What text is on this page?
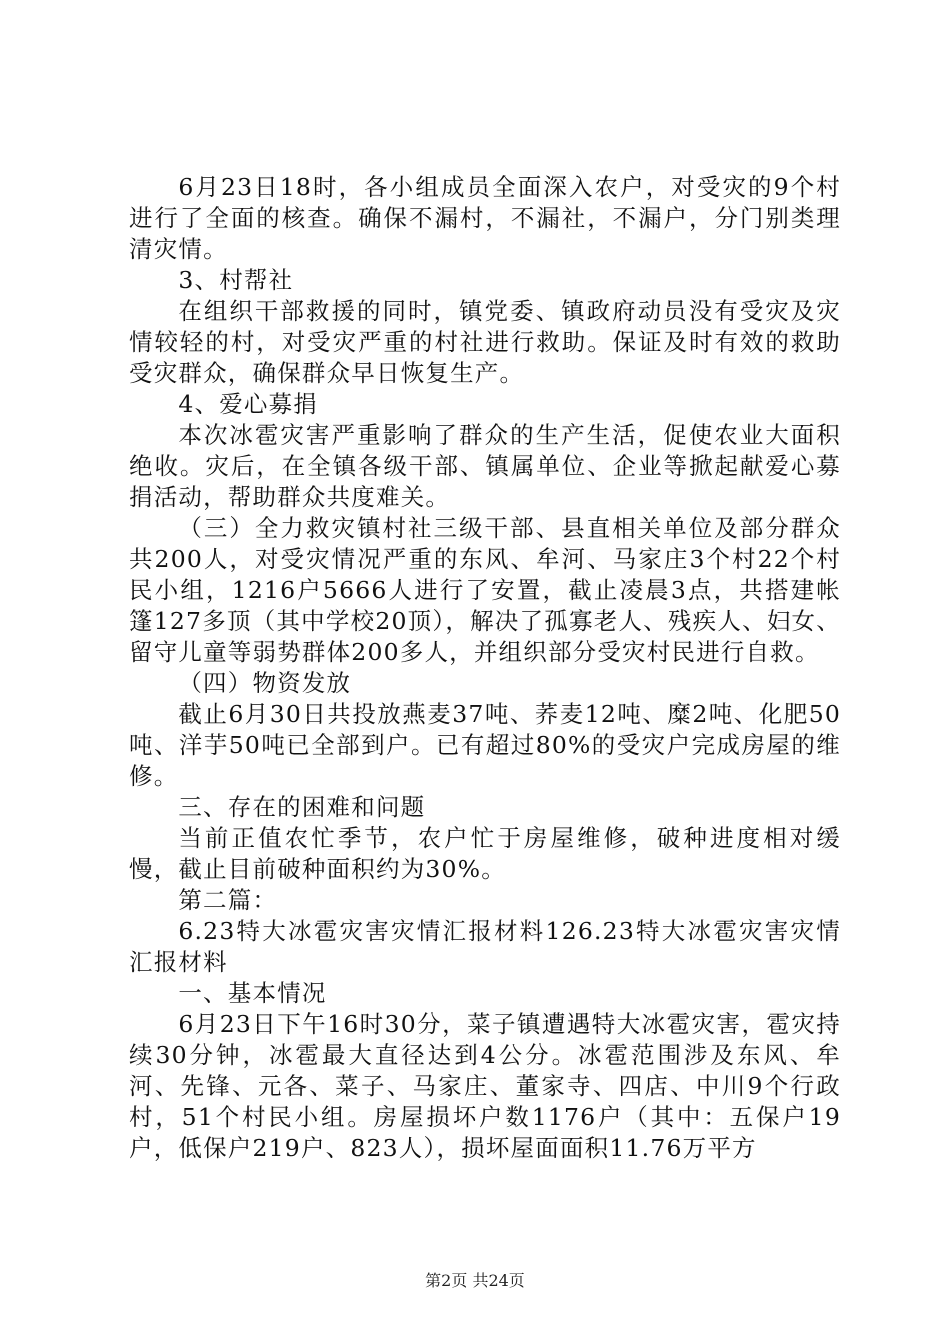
6月23日18时，各小组成员全面深入农户，对受灾的9个村进行了全面的核查。确保不漏村，不漏社，不漏户，分门别类理清灾情。

3、村帮社

在组织干部救援的同时，镇党委、镇政府动员没有受灾及灾情较轻的村，对受灾严重的村社进行救助。保证及时有效的救助受灾群众，确保群众早日恢复生产。

4、爱心募捐

本次冰雹灾害严重影响了群众的生产生活，促使农业大面积绝收。灾后，在全镇各级干部、镇属单位、企业等掀起献爱心募捐活动，帮助群众共度难关。

（三）全力救灾镇村社三级干部、县直相关单位及部分群众共200人，对受灾情况严重的东风、牟河、马家庄3个村22个村民小组，1216户5666人进行了安置，截止凌晨3点，共搭建帐篷127多顶（其中学校20顶），解决了孤寡老人、残疾人、妇女、留守儿童等弱势群体200多人，并组织部分受灾村民进行自救。

（四）物资发放

截止6月30日共投放燕麦37吨、荞麦12吨、糜2吨、化肥50吨、洋芋50吨已全部到户。已有超过80%的受灾户完成房屋的维修。

三、存在的困难和问题

当前正值农忙季节，农户忙于房屋维修，破种进度相对缓慢，截止目前破种面积约为30%。

第二篇：

6.23特大冰雹灾害灾情汇报材料126.23特大冰雹灾害灾情汇报材料

一、基本情况

6月23日下午16时30分，菜子镇遭遇特大冰雹灾害，雹灾持续30分钟，冰雹最大直径达到4公分。冰雹范围涉及东风、牟河、先锋、元各、菜子、马家庄、董家寺、四店、中川9个行政村，51个村民小组。房屋损坏户数1176户（其中：五保户19户，低保户219户、823人），损坏屋面面积11.76万平方

第2页 共24页
